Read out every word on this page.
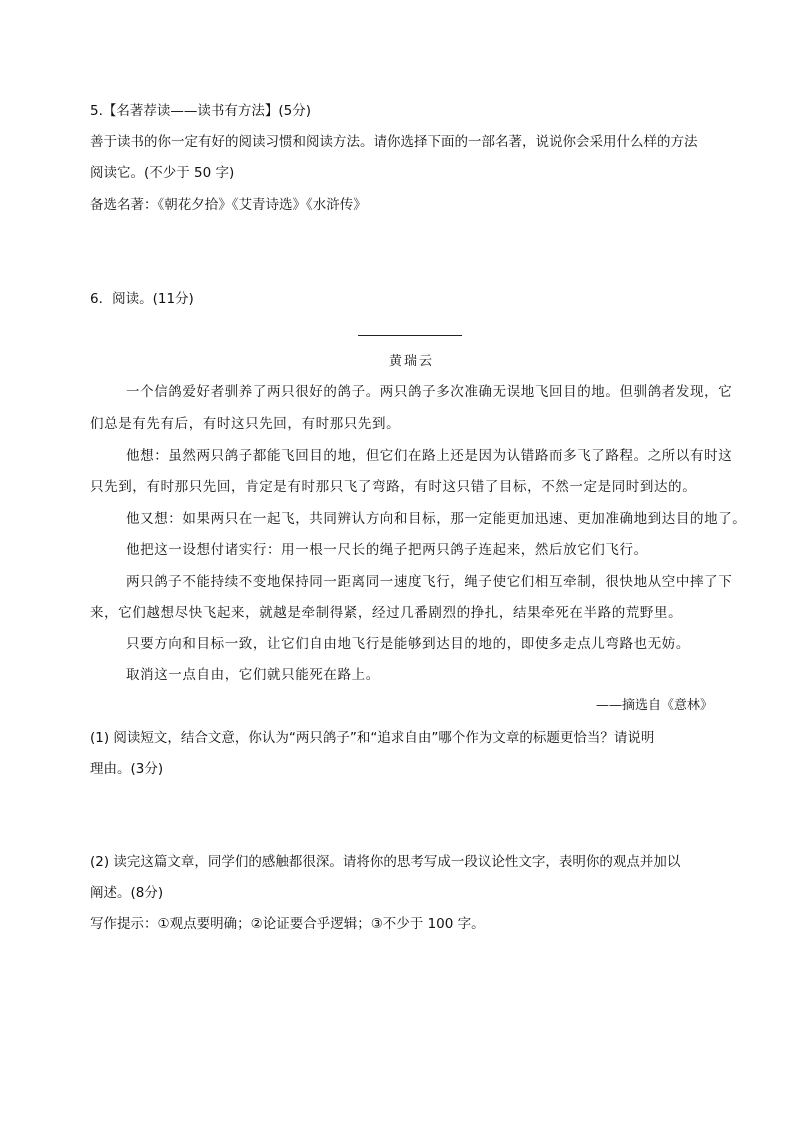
5.【名著荐读——读书有方法】(5分)
善于读书的你一定有好的阅读习惯和阅读方法。请你选择下面的一部名著，说说你会采用什么样的方法
阅读它。(不少于 50 字)
备选名著：《朝花夕拾》《艾青诗选》《水浒传》
6．阅读。(11分)
黄瑞云
一个信鸽爱好者驯养了两只很好的鸽子。两只鸽子多次准确无误地飞回目的地。但驯鸽者发现，它
们总是有先有后，有时这只先回，有时那只先到。
他想：虽然两只鸽子都能飞回目的地，但它们在路上还是因为认错路而多飞了路程。之所以有时这
只先到，有时那只先回，肯定是有时那只飞了弯路，有时这只错了目标，不然一定是同时到达的。
他又想：如果两只在一起飞，共同辨认方向和目标，那一定能更加迅速、更加准确地到达目的地了。
他把这一设想付诸实行：用一根一尺长的绳子把两只鸽子连起来，然后放它们飞行。
两只鸽子不能持续不变地保持同一距离同一速度飞行，绳子使它们相互牵制，很快地从空中摔了下
来，它们越想尽快飞起来，就越是牵制得紧，经过几番剧烈的挣扎，结果牵死在半路的荒野里。
只要方向和目标一致，让它们自由地飞行是能够到达目的地的，即使多走点儿弯路也无妨。
取消这一点自由，它们就只能死在路上。
——摘选自《意林》
(1) 阅读短文，结合文意，你认为“两只鸽子”和“追求自由”哪个作为文章的标题更恰当？请说明
理由。(3分)
(2) 读完这篇文章，同学们的感触都很深。请将你的思考写成一段议论性文字，表明你的观点并加以
阐述。(8分)
写作提示：①观点要明确；②论证要合乎逻辑；③不少于 100 字。
